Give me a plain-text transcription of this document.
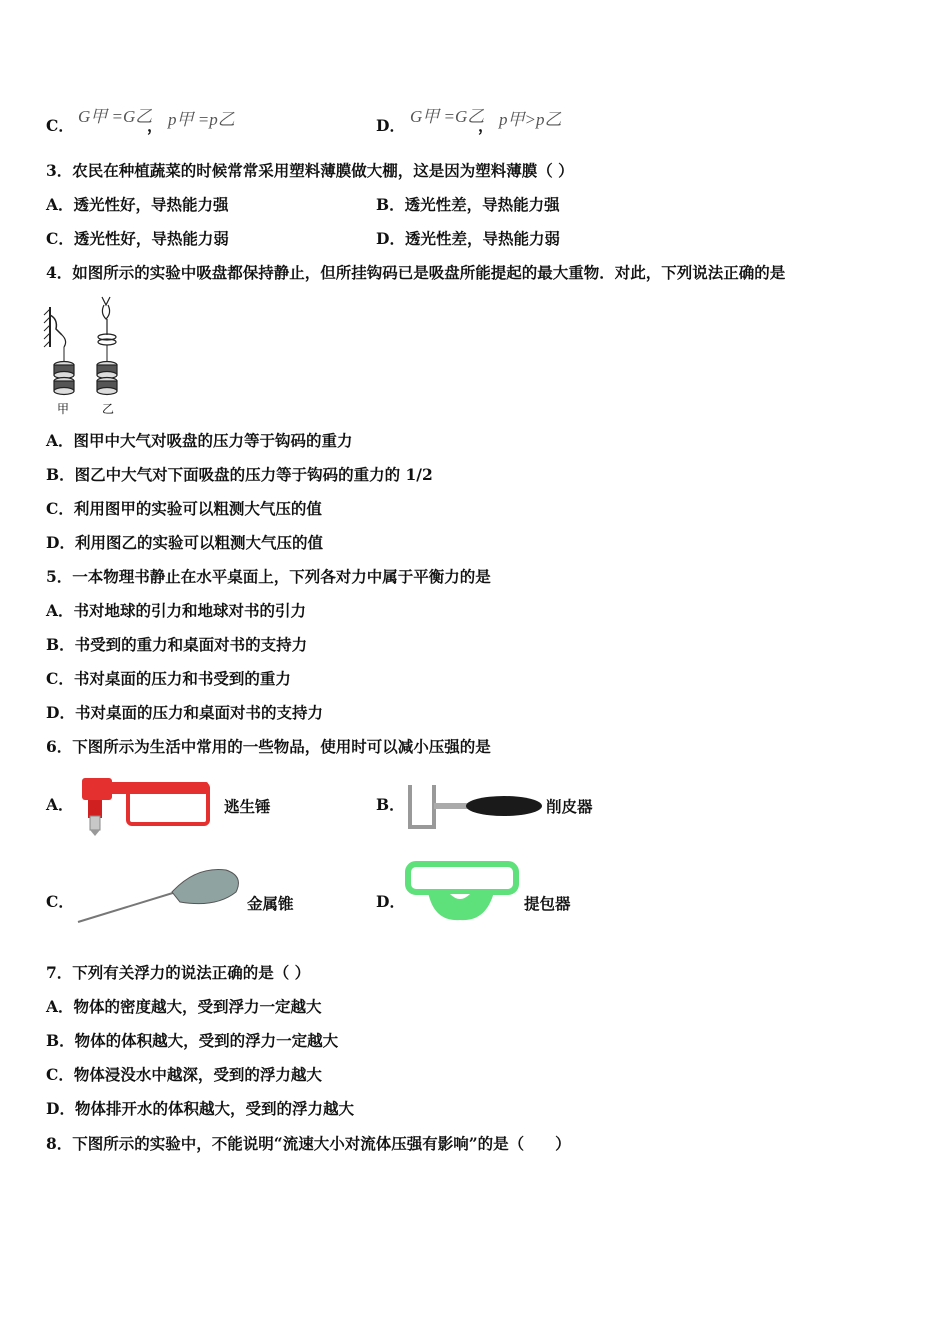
C． G甲 =G乙
， p甲 =p乙	D． G甲 =G乙
， p甲>p乙
3．农民在种植蔬菜的时候常常采用塑料薄膜做大棚，这是因为塑料薄膜（ ）
A．透光性好，导热能力强	B．透光性差，导热能力强
C．透光性好，导热能力弱	D．透光性差，导热能力弱
4．如图所示的实验中吸盘都保持静止，但所挂钩码已是吸盘所能提起的最大重物．对此，下列说法正确的是
甲	乙
A．图甲中大气对吸盘的压力等于钩码的重力
B．图乙中大气对下面吸盘的压力等于钩码的重力的 1/2
C．利用图甲的实验可以粗测大气压的值
D．利用图乙的实验可以粗测大气压的值
5．一本物理书静止在水平桌面上，下列各对力中属于平衡力的是
A．书对地球的引力和地球对书的引力
B．书受到的重力和桌面对书的支持力
C．书对桌面的压力和书受到的重力
D．书对桌面的压力和桌面对书的支持力
6．下图所示为生活中常用的一些物品，使用时可以减小压强的是
A．	逃生锤	B．	削皮器
C．	金属锥	D．	提包器
7．下列有关浮力的说法正确的是（ ）
A．物体的密度越大，受到浮力一定越大
B．物体的体积越大，受到的浮力一定越大
C．物体浸没水中越深，受到的浮力越大
D．物体排开水的体积越大，受到的浮力越大
8．下图所示的实验中，不能说明“流速大小对流体压强有影响”的是（　　）
